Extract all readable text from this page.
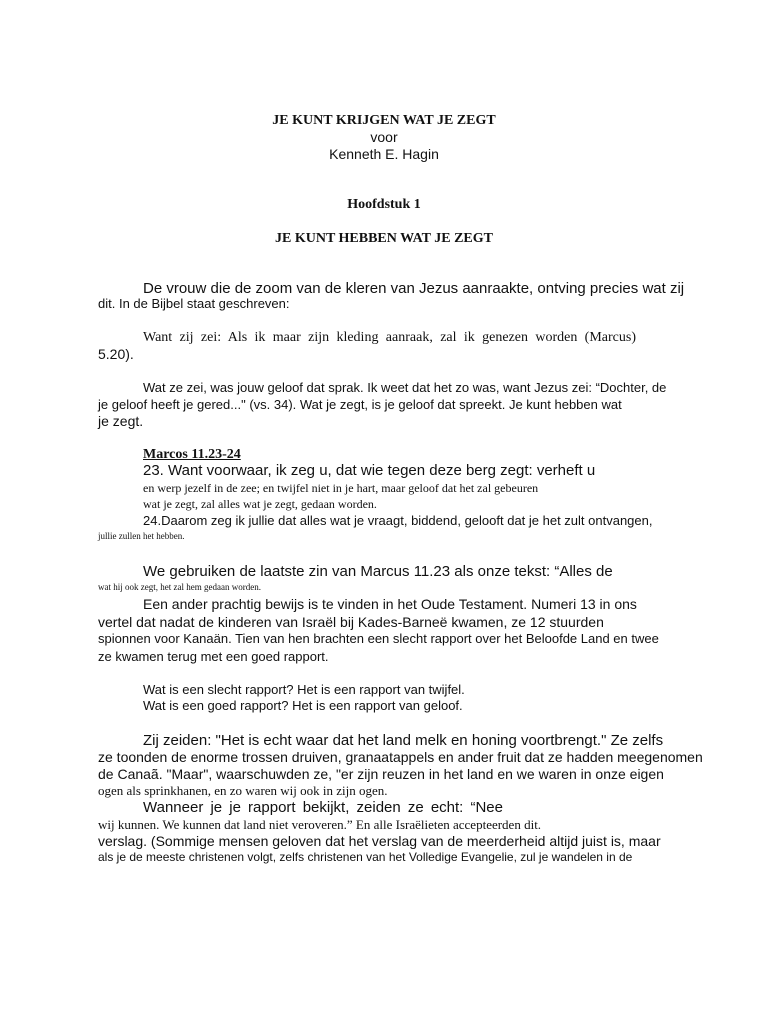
JE KUNT KRIJGEN WAT JE ZEGT
voor
Kenneth E. Hagin
Hoofdstuk 1
JE KUNT HEBBEN WAT JE ZEGT
De vrouw die de zoom van de kleren van Jezus aanraakte, ontving precies wat zij
dit. In de Bijbel staat geschreven:
Want zij zei: Als ik maar zijn kleding aanraak, zal ik genezen worden (Marcus)
5.20).
Wat ze zei, was jouw geloof dat sprak. Ik weet dat het zo was, want Jezus zei: “Dochter, de
je geloof heeft je gered..." (vs. 34). Wat je zegt, is je geloof dat spreekt. Je kunt hebben wat
je zegt.
Marcos 11.23-24
23. Want voorwaar, ik zeg u, dat wie tegen deze berg zegt: verheft u
en werp jezelf in de zee; en twijfel niet in je hart, maar geloof dat het zal gebeuren
wat je zegt, zal alles wat je zegt, gedaan worden.
24.Daarom zeg ik jullie dat alles wat je vraagt, biddend, gelooft dat je het zult ontvangen,
jullie zullen het hebben.
We gebruiken de laatste zin van Marcus 11.23 als onze tekst: “Alles de
wat hij ook zegt, het zal hem gedaan worden.
Een ander prachtig bewijs is te vinden in het Oude Testament. Numeri 13 in ons
vertel dat nadat de kinderen van Israël bij Kades-Barneë kwamen, ze 12 stuurden
spionnen voor Kanaän. Tien van hen brachten een slecht rapport over het Beloofde Land en twee
ze kwamen terug met een goed rapport.
Wat is een slecht rapport? Het is een rapport van twijfel.
Wat is een goed rapport? Het is een rapport van geloof.
Zij zeiden: "Het is echt waar dat het land melk en honing voortbrengt." Ze zelfs
ze toonden de enorme trossen druiven, granaatappels en ander fruit dat ze hadden meegenomen
de Canaã. "Maar", waarschuwden ze, "er zijn reuzen in het land en we waren in onze eigen
ogen als sprinkhanen, en zo waren wij ook in zijn ogen.
Wanneer je je rapport bekijkt, zeiden ze echt: “Nee
wij kunnen. We kunnen dat land niet veroveren.” En alle Israëlieten accepteerden dit.
verslag. (Sommige mensen geloven dat het verslag van de meerderheid altijd juist is, maar
als je de meeste christenen volgt, zelfs christenen van het Volledige Evangelie, zul je wandelen in de
